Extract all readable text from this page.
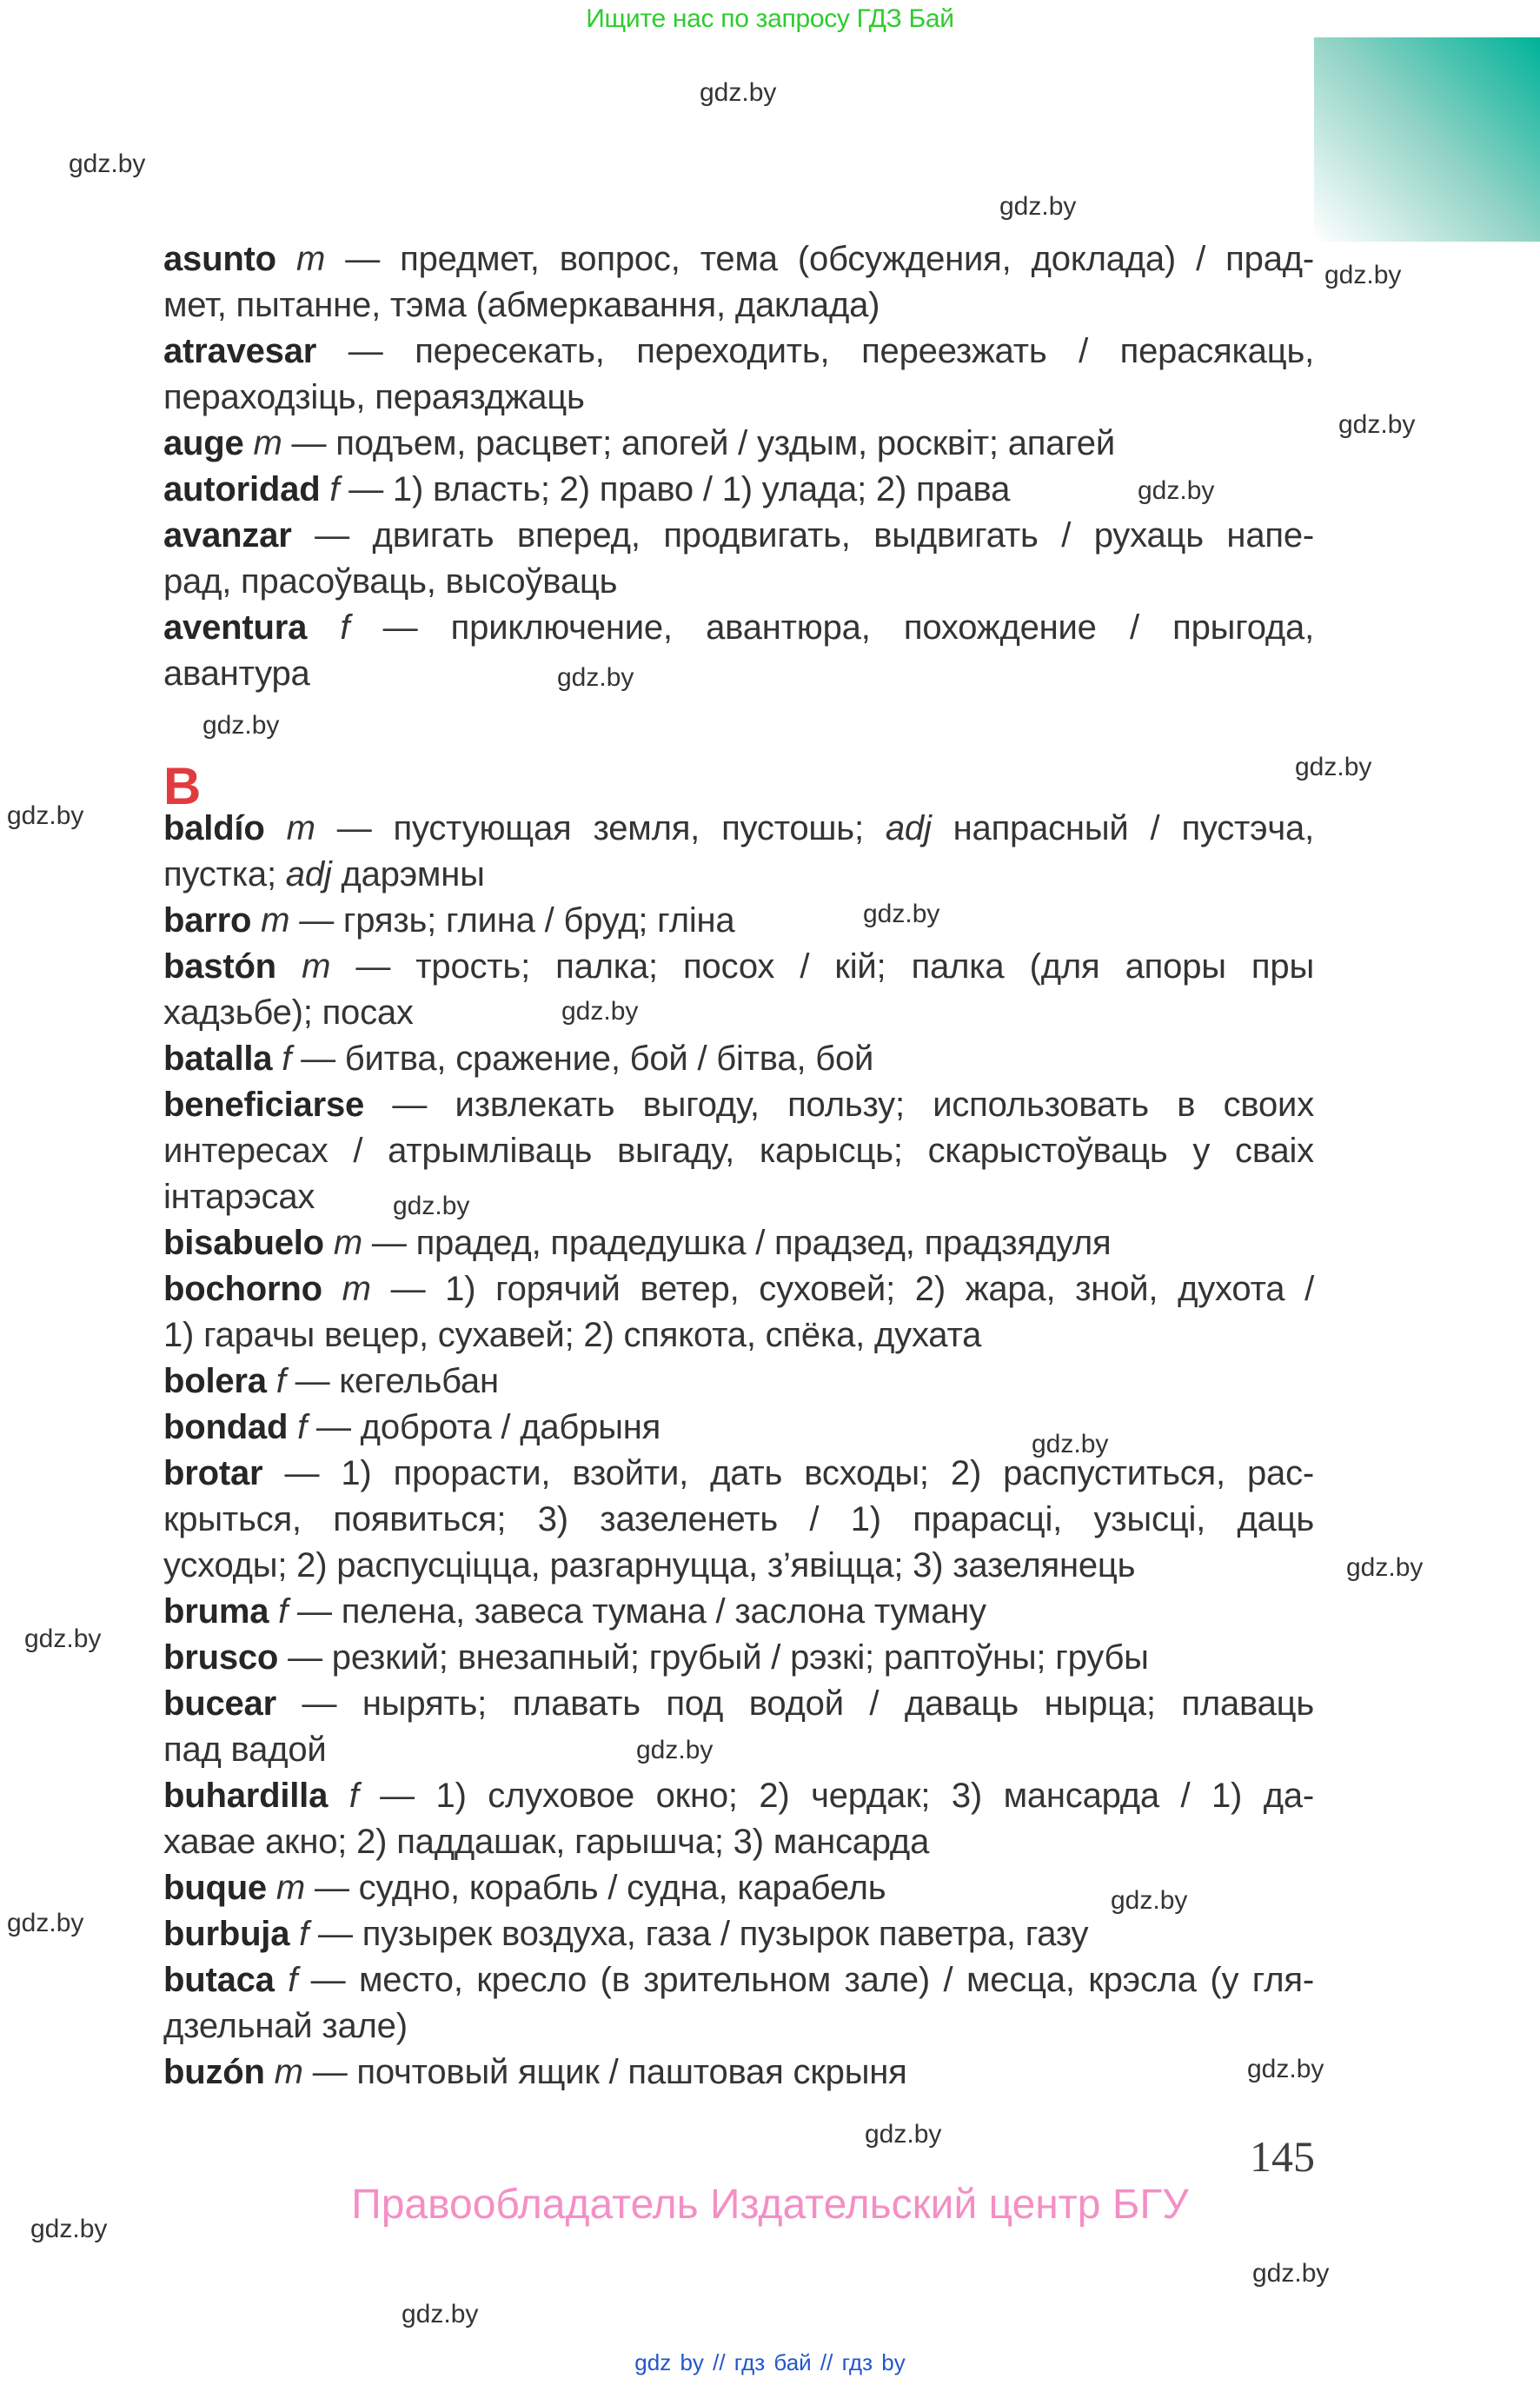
Ищите нас по запросу ГДЗ Бай
gdz.by
gdz.by
gdz.by
gdz.by
gdz.by
gdz.by
gdz.by
gdz.by
gdz.by
gdz.by
gdz.by
gdz.by
gdz.by
gdz.by
gdz.by
gdz.by
gdz.by
gdz.by
gdz.by
gdz.by
gdz.by
gdz.by
gdz.by
gdz.by
asunto m — предмет, вопрос, тема (обсуждения, доклада) / прад-
мет, пытанне, тэма (абмеркавання, даклада)
atravesar — пересекать, переходить, переезжать / перасякаць,
пераходзіць, пераязджаць
auge m — подъем, расцвет; апогей / уздым, росквіт; апагей
autoridad f — 1) власть; 2) право / 1) улада; 2) права
avanzar — двигать вперед, продвигать, выдвигать / рухаць напе-
рад, прасоўваць, высоўваць
aventura f — приключение, авантюра, похождение / прыгода,
авантура
B
baldío m — пустующая земля, пустошь; adj напрасный / пустэча,
пустка; adj дарэмны
barro m — грязь; глина / бруд; гліна
bastón m — трость; палка; посох / кій; палка (для апоры пры
хадзьбе); посах
batalla f — битва, сражение, бой / бітва, бой
beneficiarse — извлекать выгоду, пользу; использовать в своих
интересах / атрымліваць выгаду, карысць; скарыстоўваць у сваіх
інтарэсах
bisabuelo m — прадед, прадедушка / прадзед, прадзядуля
bochorno m — 1) горячий ветер, суховей; 2) жара, зной, духота /
1) гарачы вецер, сухавей; 2) спякота, спёка, духата
bolera f — кегельбан
bondad f — доброта / дабрыня
brotar — 1) прорасти, взойти, дать всходы; 2) распуститься, рас-
крыться, появиться; 3) зазеленеть / 1) прарасці, узысці, даць
усходы; 2) распусціцца, разгарнуцца, з’явіцца; 3) зазелянець
bruma f — пелена, завеса тумана / заслона туману
brusco — резкий; внезапный; грубый / рэзкі; раптоўны; грубы
bucear — нырять; плавать под водой / даваць нырца; плаваць
пад вадой
buhardilla f — 1) слуховое окно; 2) чердак; 3) мансарда / 1) да-
хавае акно; 2) паддашак, гарышча; 3) мансарда
buque m — судно, корабль / судна, карабель
burbuja f — пузырек воздуха, газа / пузырок паветра, газу
butaca f — место, кресло (в зрительном зале) / месца, крэсла (у гля-
дзельнай зале)
buzón m — почтовый ящик / паштовая скрыня
145
Правообладатель Издательский центр БГУ
gdz by // гдз бай // гдз by
